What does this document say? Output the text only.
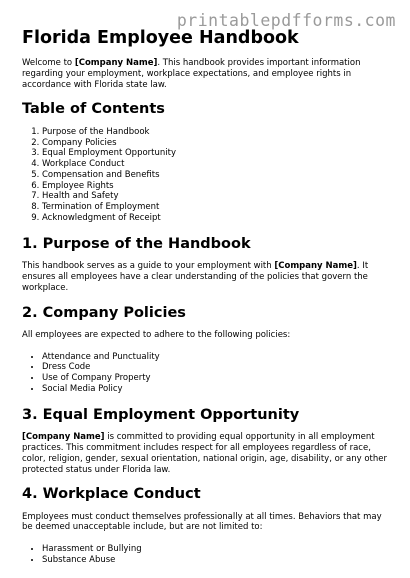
printablepdfforms.com
Florida Employee Handbook

Welcome to [Company Name]. This handbook provides important information regarding your employment, workplace expectations, and employee rights in accordance with Florida state law.

Table of Contents
1. Purpose of the Handbook
2. Company Policies
3. Equal Employment Opportunity
4. Workplace Conduct
5. Compensation and Benefits
6. Employee Rights
7. Health and Safety
8. Termination of Employment
9. Acknowledgment of Receipt
1. Purpose of the Handbook

This handbook serves as a guide to your employment with [Company Name]. It ensures all employees have a clear understanding of the policies that govern the workplace.

2. Company Policies

All employees are expected to adhere to the following policies:

• Attendance and Punctuality
• Dress Code
• Use of Company Property
• Social Media Policy
3. Equal Employment Opportunity

[Company Name] is committed to providing equal opportunity in all employment practices. This commitment includes respect for all employees regardless of race, color, religion, gender, sexual orientation, national origin, age, disability, or any other protected status under Florida law.

4. Workplace Conduct

Employees must conduct themselves professionally at all times. Behaviors that may be deemed unacceptable include, but are not limited to:

• Harassment or Bullying
• Substance Abuse
